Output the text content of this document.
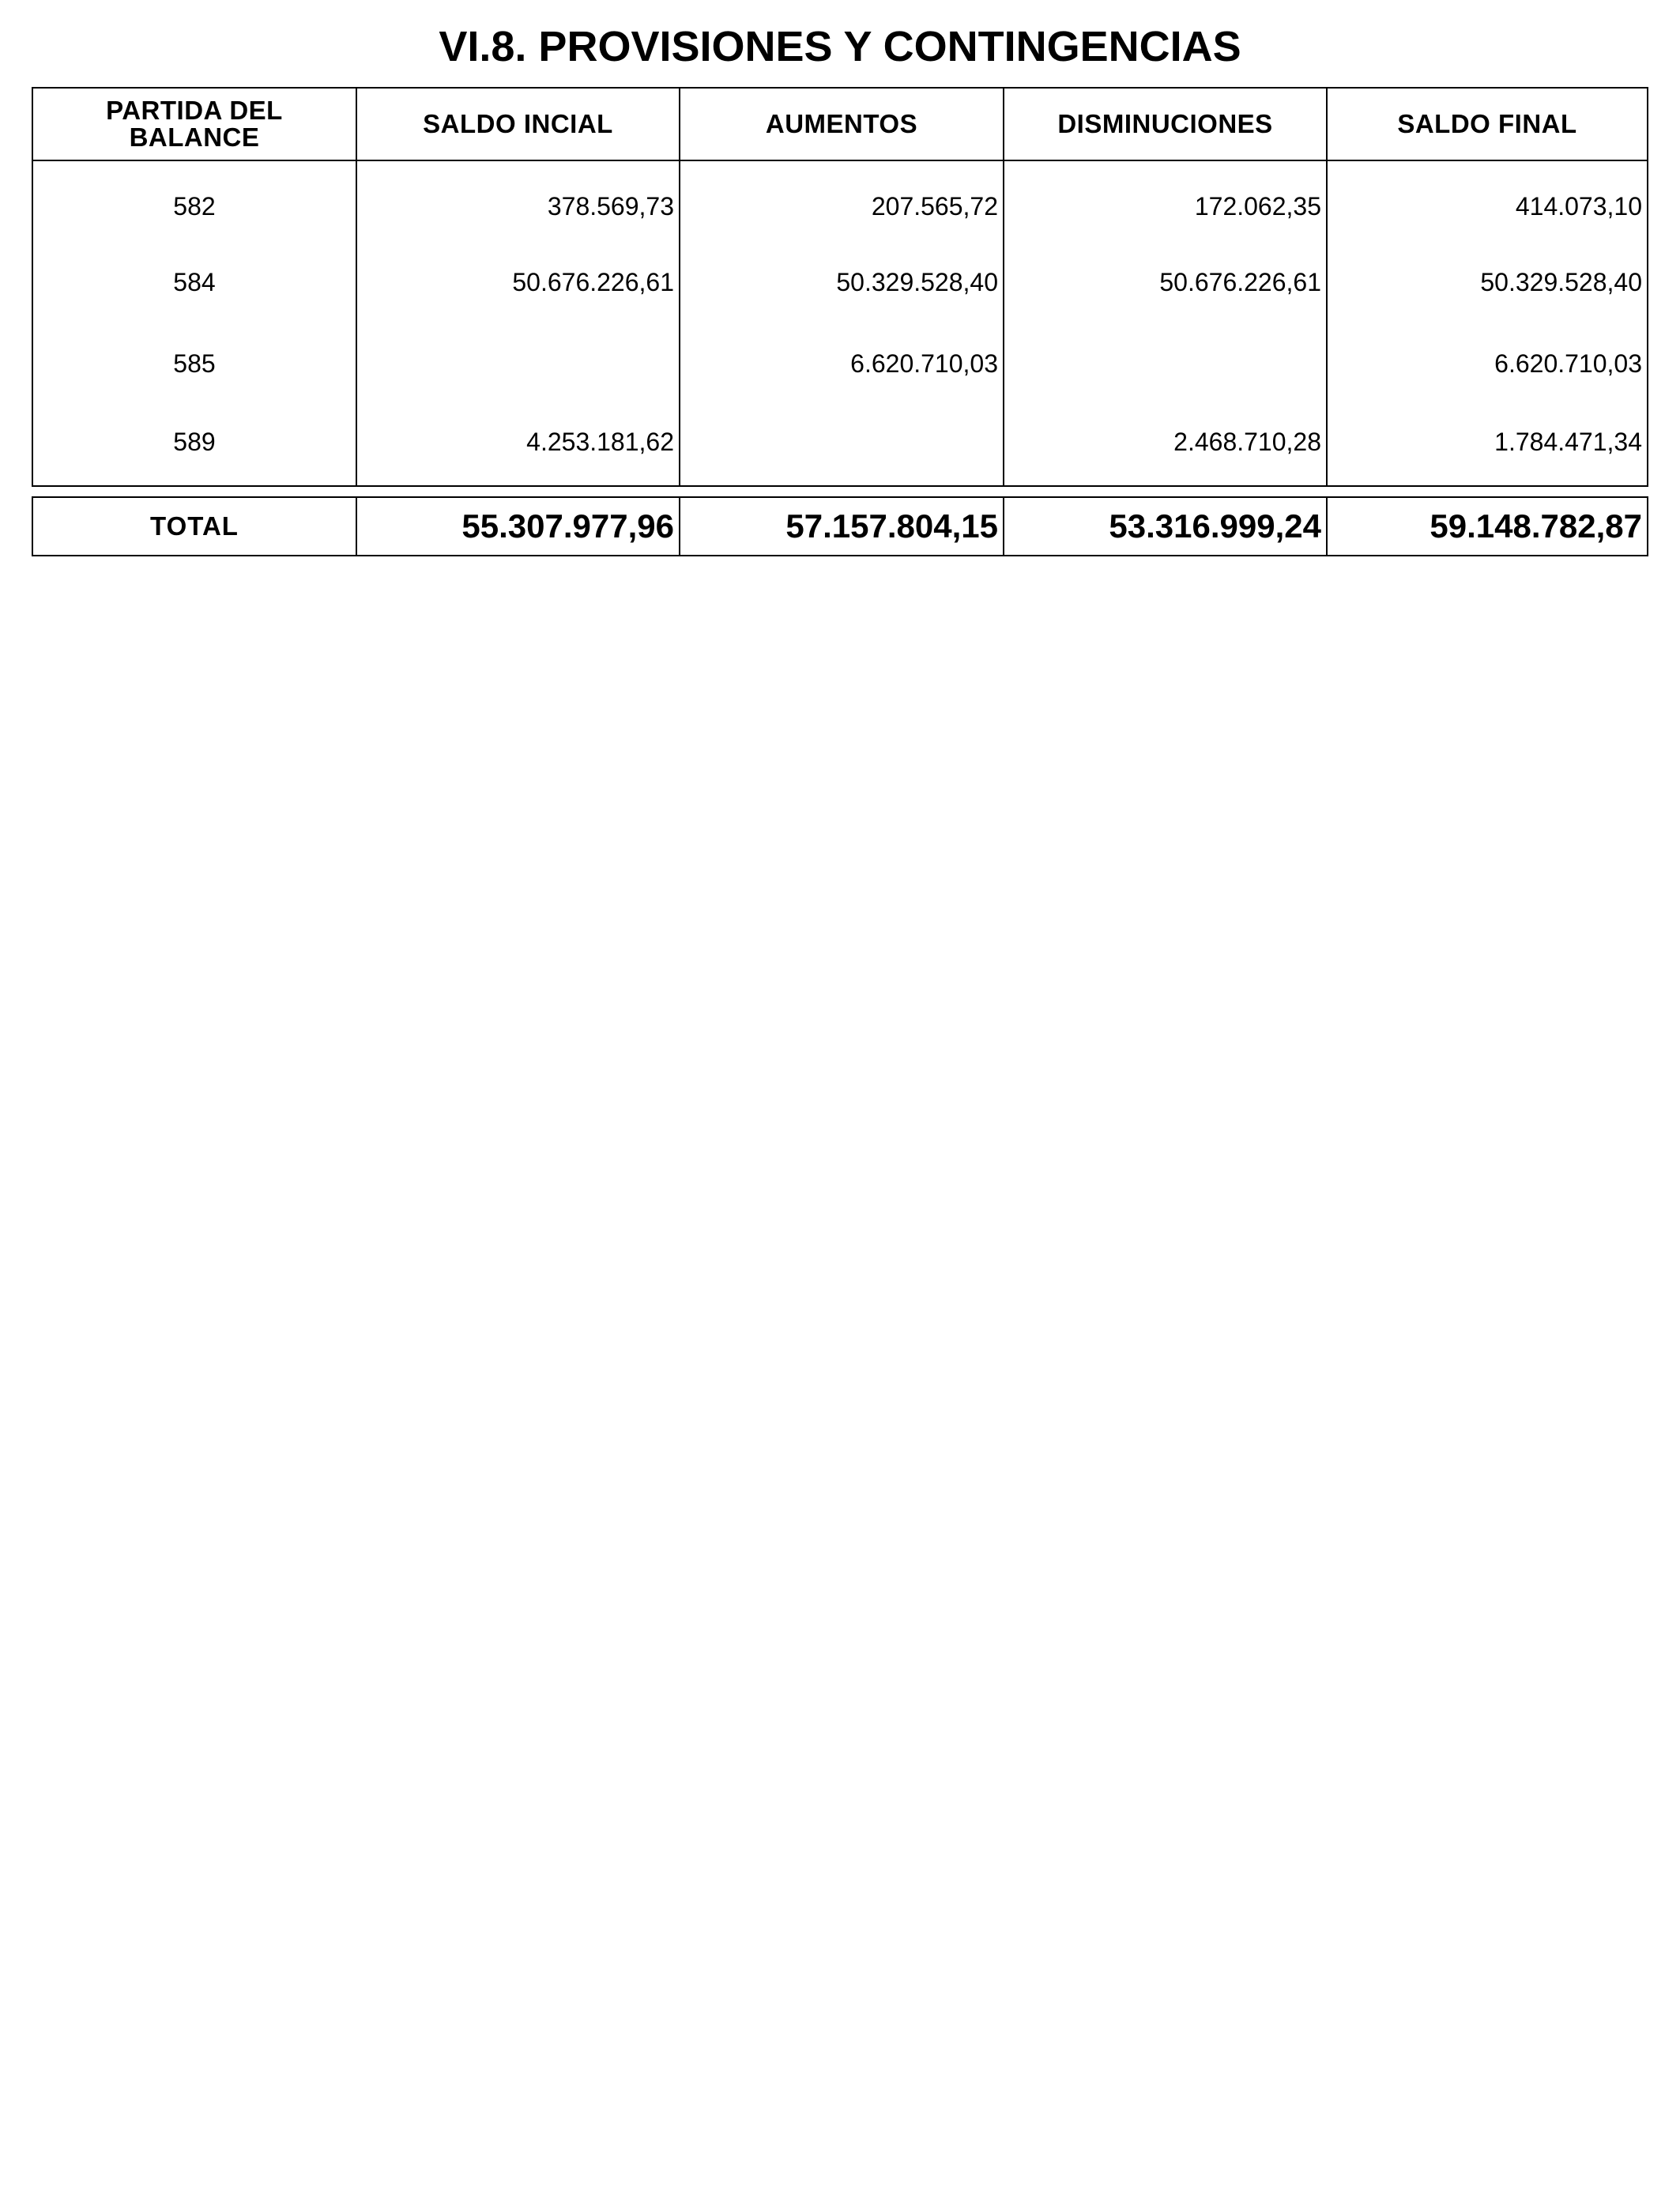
VI.8. PROVISIONES Y CONTINGENCIAS
PARTIDA DEL
BALANCE	SALDO INCIAL	AUMENTOS	DISMINUCIONES	SALDO FINAL
582	378.569,73	207.565,72	172.062,35	414.073,10
584	50.676.226,61	50.329.528,40	50.676.226,61	50.329.528,40
585		6.620.710,03		6.620.710,03
589	4.253.181,62		2.468.710,28	1.784.471,34
TOTAL	55.307.977,96	57.157.804,15	53.316.999,24	59.148.782,87
